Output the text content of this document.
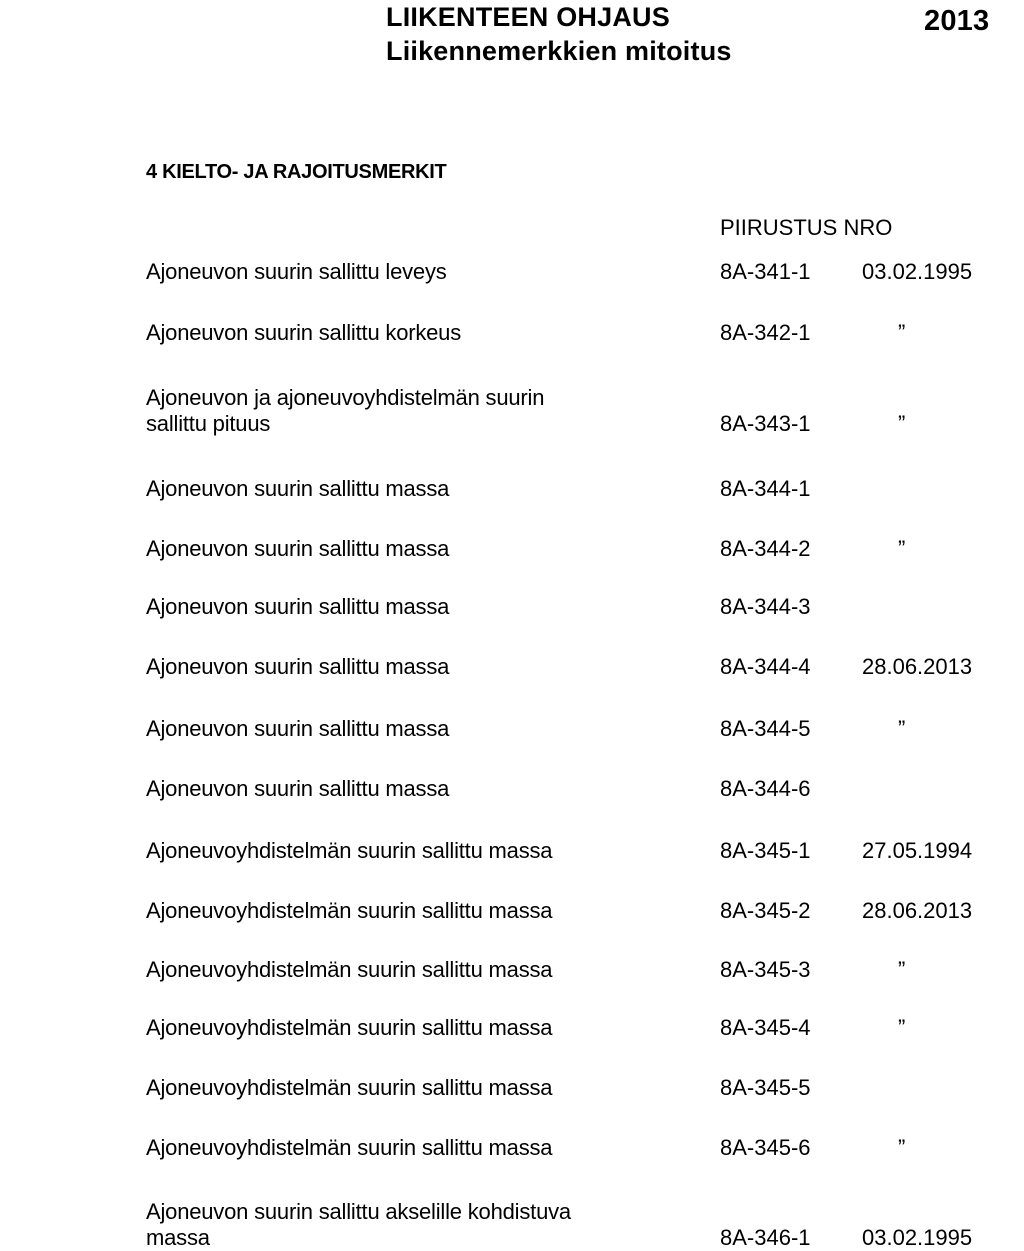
LIIKENTEEN OHJAUS
Liikennemerkkien mitoitus
2013
4 KIELTO- JA RAJOITUSMERKIT
PIIRUSTUS NRO
Ajoneuvon suurin sallittu leveys	8A-341-1 03.02.1995
Ajoneuvon suurin sallittu korkeus	8A-342-1	”
Ajoneuvon ja ajoneuvoyhdistelmän suurin
sallittu pituus	8A-343-1	”
Ajoneuvon suurin sallittu massa	8A-344-1
Ajoneuvon suurin sallittu massa	8A-344-2	”
Ajoneuvon suurin sallittu massa	8A-344-3
Ajoneuvon suurin sallittu massa	8A-344-4 28.06.2013
Ajoneuvon suurin sallittu massa	8A-344-5	”
Ajoneuvon suurin sallittu massa	8A-344-6
Ajoneuvoyhdistelmän suurin sallittu massa	8A-345-1 27.05.1994
Ajoneuvoyhdistelmän suurin sallittu massa	8A-345-2 28.06.2013
Ajoneuvoyhdistelmän suurin sallittu massa	8A-345-3	”
Ajoneuvoyhdistelmän suurin sallittu massa	8A-345-4	”
Ajoneuvoyhdistelmän suurin sallittu massa	8A-345-5
Ajoneuvoyhdistelmän suurin sallittu massa	8A-345-6	”
Ajoneuvon suurin sallittu akselille kohdistuva
massa	8A-346-1 03.02.1995
